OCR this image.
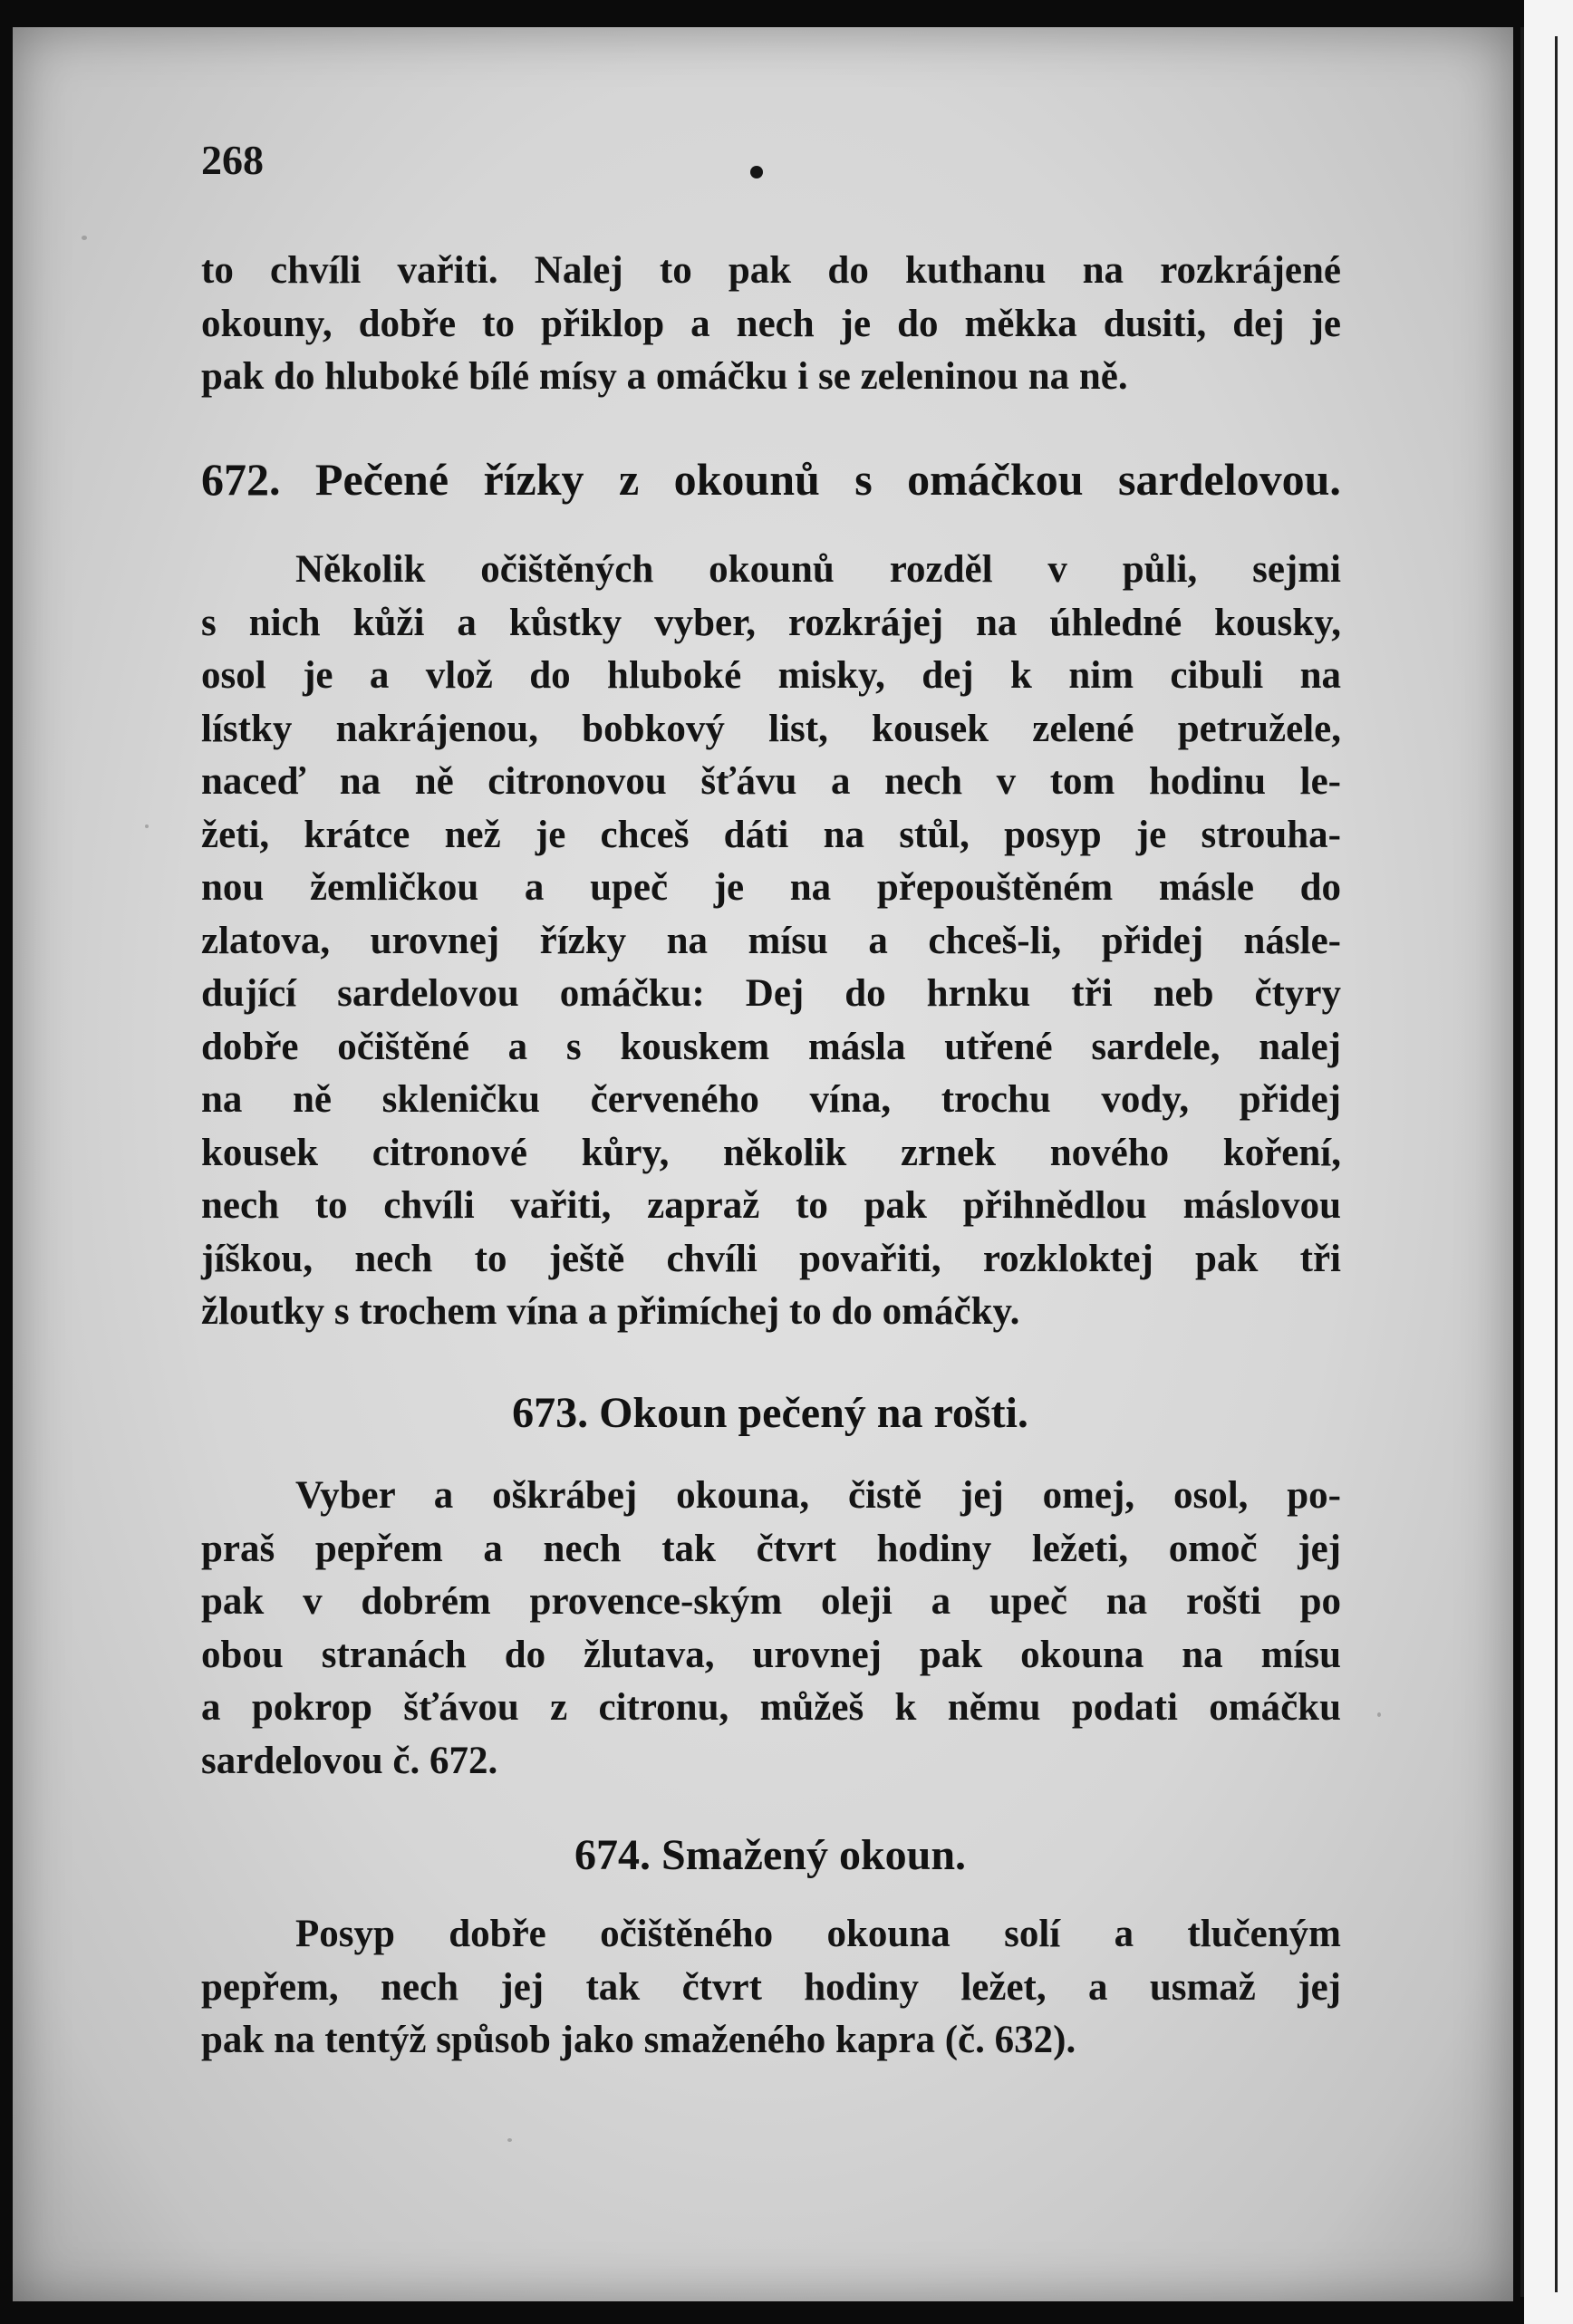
268
to chvíli vařiti. Nalej to pak do kuthanu na rozkrájené
okouny, dobře to přiklop a nech je do měkka dusiti, dej je
pak do hluboké bílé mísy a omáčku i se zeleninou na ně.
672. Pečené řízky z okounů s omáčkou sardelovou.
Několik očištěných okounů rozděl v půli, sejmi
s nich kůži a kůstky vyber, rozkrájej na úhledné kousky,
osol je a vlož do hluboké misky, dej k nim cibuli na
lístky nakrájenou, bobkový list, kousek zelené petružele,
naceď na ně citronovou šťávu a nech v tom hodinu le-
žeti, krátce než je chceš dáti na stůl, posyp je strouha-
nou žemličkou a upeč je na přepouštěném másle do
zlatova, urovnej řízky na mísu a chceš-li, přidej násle-
dující sardelovou omáčku: Dej do hrnku tři neb čtyry
dobře očištěné a s kouskem másla utřené sardele, nalej
na ně skleničku červeného vína, trochu vody, přidej
kousek citronové kůry, několik zrnek nového koření,
nech to chvíli vařiti, zapraž to pak přihnědlou máslovou
jíškou, nech to ještě chvíli povařiti, rozkloktej pak tři
žloutky s trochem vína a přimíchej to do omáčky.
673. Okoun pečený na rošti.
Vyber a oškrábej okouna, čistě jej omej, osol, po-
praš pepřem a nech tak čtvrt hodiny ležeti, omoč jej
pak v dobrém provence-ským oleji a upeč na rošti po
obou stranách do žlutava, urovnej pak okouna na mísu
a pokrop šťávou z citronu, můžeš k němu podati omáčku
sardelovou č. 672.
674. Smažený okoun.
Posyp dobře očištěného okouna solí a tlučeným
pepřem, nech jej tak čtvrt hodiny ležet, a usmaž jej
pak na tentýž spůsob jako smaženého kapra (č. 632).
